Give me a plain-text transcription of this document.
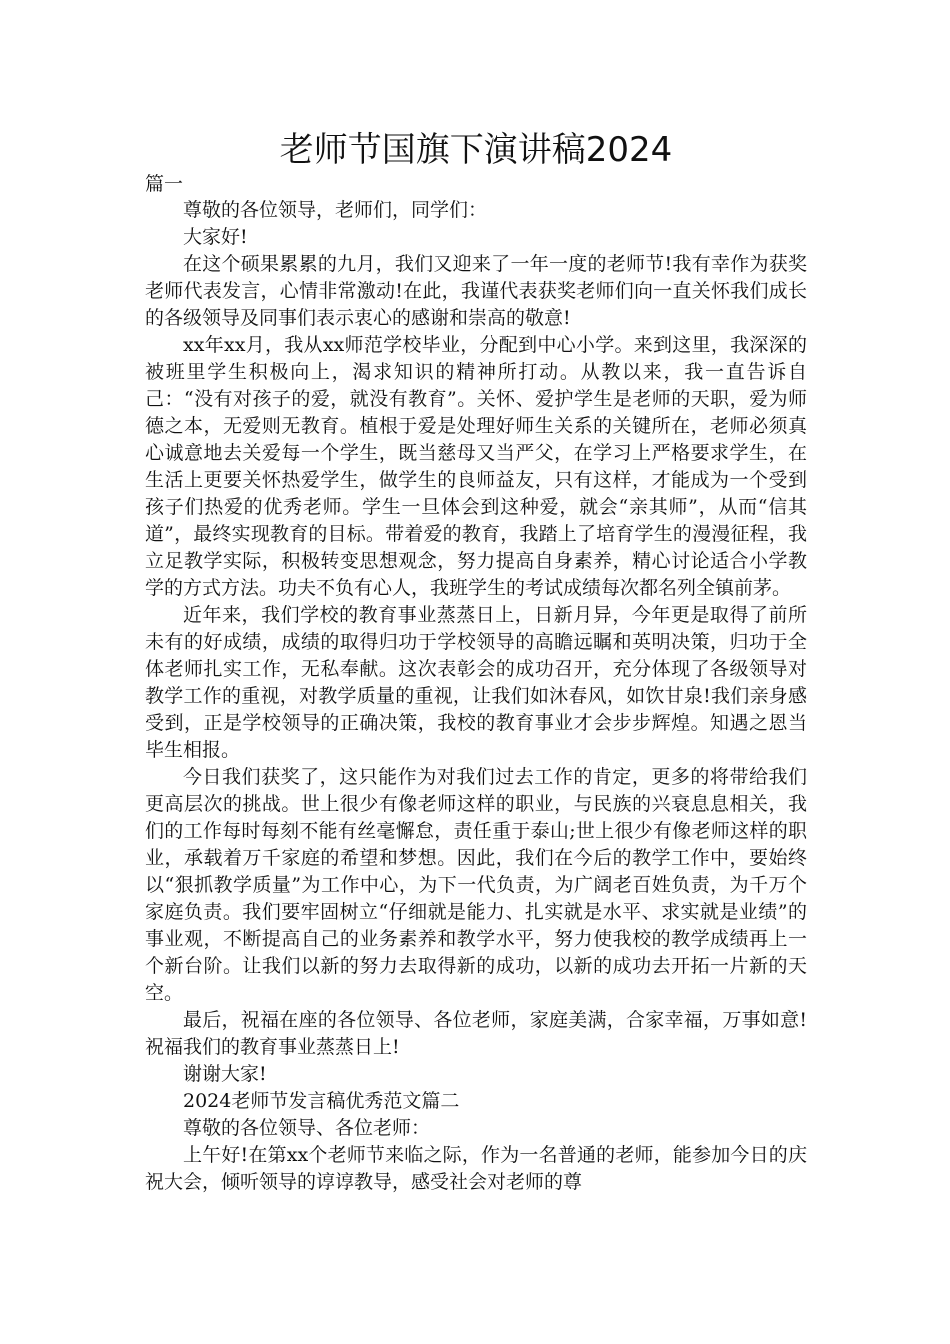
老师节国旗下演讲稿2024

篇一

尊敬的各位领导，老师们，同学们：

大家好!

在这个硕果累累的九月，我们又迎来了一年一度的老师节!我有幸作为获奖老师代表发言，心情非常激动!在此，我谨代表获奖老师们向一直关怀我们成长的各级领导及同事们表示衷心的感谢和崇高的敬意!

xx年xx月，我从xx师范学校毕业，分配到中心小学。来到这里，我深深的被班里学生积极向上，渴求知识的精神所打动。从教以来，我一直告诉自己：“没有对孩子的爱，就没有教育”。关怀、爱护学生是老师的天职，爱为师德之本，无爱则无教育。植根于爱是处理好师生关系的关键所在，老师必须真心诚意地去关爱每一个学生，既当慈母又当严父，在学习上严格要求学生，在生活上更要关怀热爱学生，做学生的良师益友，只有这样，才能成为一个受到孩子们热爱的优秀老师。学生一旦体会到这种爱，就会“亲其师”，从而“信其道”，最终实现教育的目标。带着爱的教育，我踏上了培育学生的漫漫征程，我立足教学实际，积极转变思想观念，努力提高自身素养，精心讨论适合小学教学的方式方法。功夫不负有心人，我班学生的考试成绩每次都名列全镇前茅。

近年来，我们学校的教育事业蒸蒸日上，日新月异，今年更是取得了前所未有的好成绩，成绩的取得归功于学校领导的高瞻远瞩和英明决策，归功于全体老师扎实工作，无私奉献。这次表彰会的成功召开，充分体现了各级领导对教学工作的重视，对教学质量的重视，让我们如沐春风，如饮甘泉!我们亲身感受到，正是学校领导的正确决策，我校的教育事业才会步步辉煌。知遇之恩当毕生相报。

今日我们获奖了，这只能作为对我们过去工作的肯定，更多的将带给我们更高层次的挑战。世上很少有像老师这样的职业，与民族的兴衰息息相关，我们的工作每时每刻不能有丝毫懈怠，责任重于泰山;世上很少有像老师这样的职业，承载着万千家庭的希望和梦想。因此，我们在今后的教学工作中，要始终以“狠抓教学质量”为工作中心，为下一代负责，为广阔老百姓负责，为千万个家庭负责。我们要牢固树立“仔细就是能力、扎实就是水平、求实就是业绩”的事业观，不断提高自己的业务素养和教学水平，努力使我校的教学成绩再上一个新台阶。让我们以新的努力去取得新的成功，以新的成功去开拓一片新的天空。

最后，祝福在座的各位领导、各位老师，家庭美满，合家幸福，万事如意!祝福我们的教育事业蒸蒸日上!

谢谢大家!

2024老师节发言稿优秀范文篇二

尊敬的各位领导、各位老师：

上午好!在第xx个老师节来临之际，作为一名普通的老师，能参加今日的庆祝大会，倾听领导的谆谆教导，感受社会对老师的尊
